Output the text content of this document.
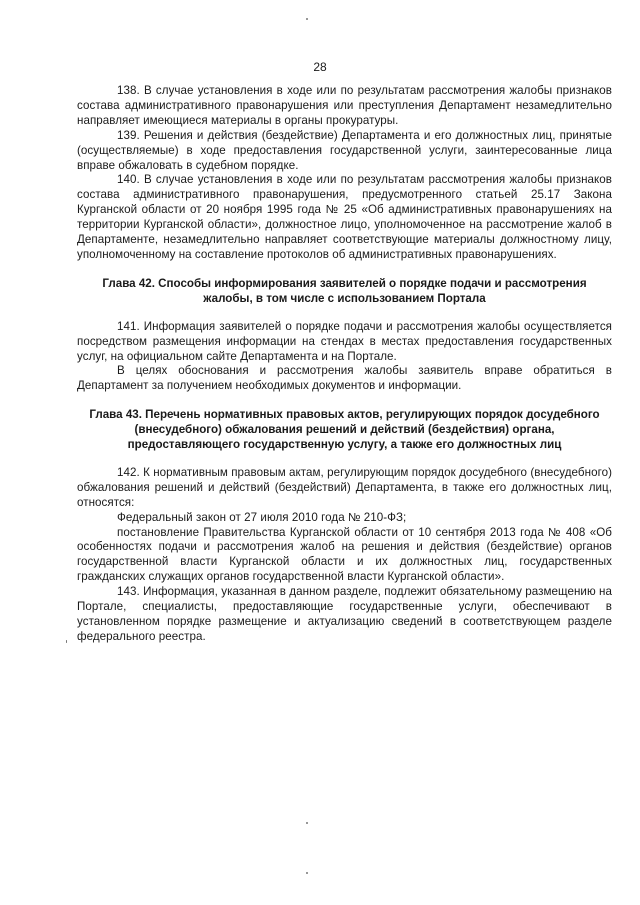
28

138. В случае установления в ходе или по результатам рассмотрения жалобы признаков состава административного правонарушения или преступления Департамент незамедлительно направляет имеющиеся материалы в органы прокуратуры.

139. Решения и действия (бездействие) Департамента и его должностных лиц, принятые (осуществляемые) в ходе предоставления государственной услуги, заинтересованные лица вправе обжаловать в судебном порядке.

140. В случае установления в ходе или по результатам рассмотрения жалобы признаков состава административного правонарушения, предусмотренного статьей 25.17 Закона Курганской области от 20 ноября 1995 года № 25 «Об административных правонарушениях на территории Курганской области», должностное лицо, уполномоченное на рассмотрение жалоб в Департаменте, незамедлительно направляет соответствующие материалы должностному лицу, уполномоченному на составление протоколов об административных правонарушениях.

Глава 42. Способы информирования заявителей о порядке подачи и рассмотрения жалобы, в том числе с использованием Портала

141. Информация заявителей о порядке подачи и рассмотрения жалобы осуществляется посредством размещения информации на стендах в местах предоставления государственных услуг, на официальном сайте Департамента и на Портале.

В целях обоснования и рассмотрения жалобы заявитель вправе обратиться в Департамент за получением необходимых документов и информации.

Глава 43. Перечень нормативных правовых актов, регулирующих порядок досудебного (внесудебного) обжалования решений и действий (бездействия) органа, предоставляющего государственную услугу, а также его должностных лиц

142. К нормативным правовым актам, регулирующим порядок досудебного (внесудебного) обжалования решений и действий (бездействий) Департамента, в также его должностных лиц, относятся:

Федеральный закон от 27 июля 2010 года № 210-ФЗ;

постановление Правительства Курганской области от 10 сентября 2013 года № 408 «Об особенностях подачи и рассмотрения жалоб на решения и действия (бездействие) органов государственной власти Курганской области и их должностных лиц, государственных гражданских служащих органов государственной власти Курганской области».

143. Информация, указанная в данном разделе, подлежит обязательному размещению на Портале, специалисты, предоставляющие государственные услуги, обеспечивают в установленном порядке размещение и актуализацию сведений в соответствующем разделе федерального реестра.
